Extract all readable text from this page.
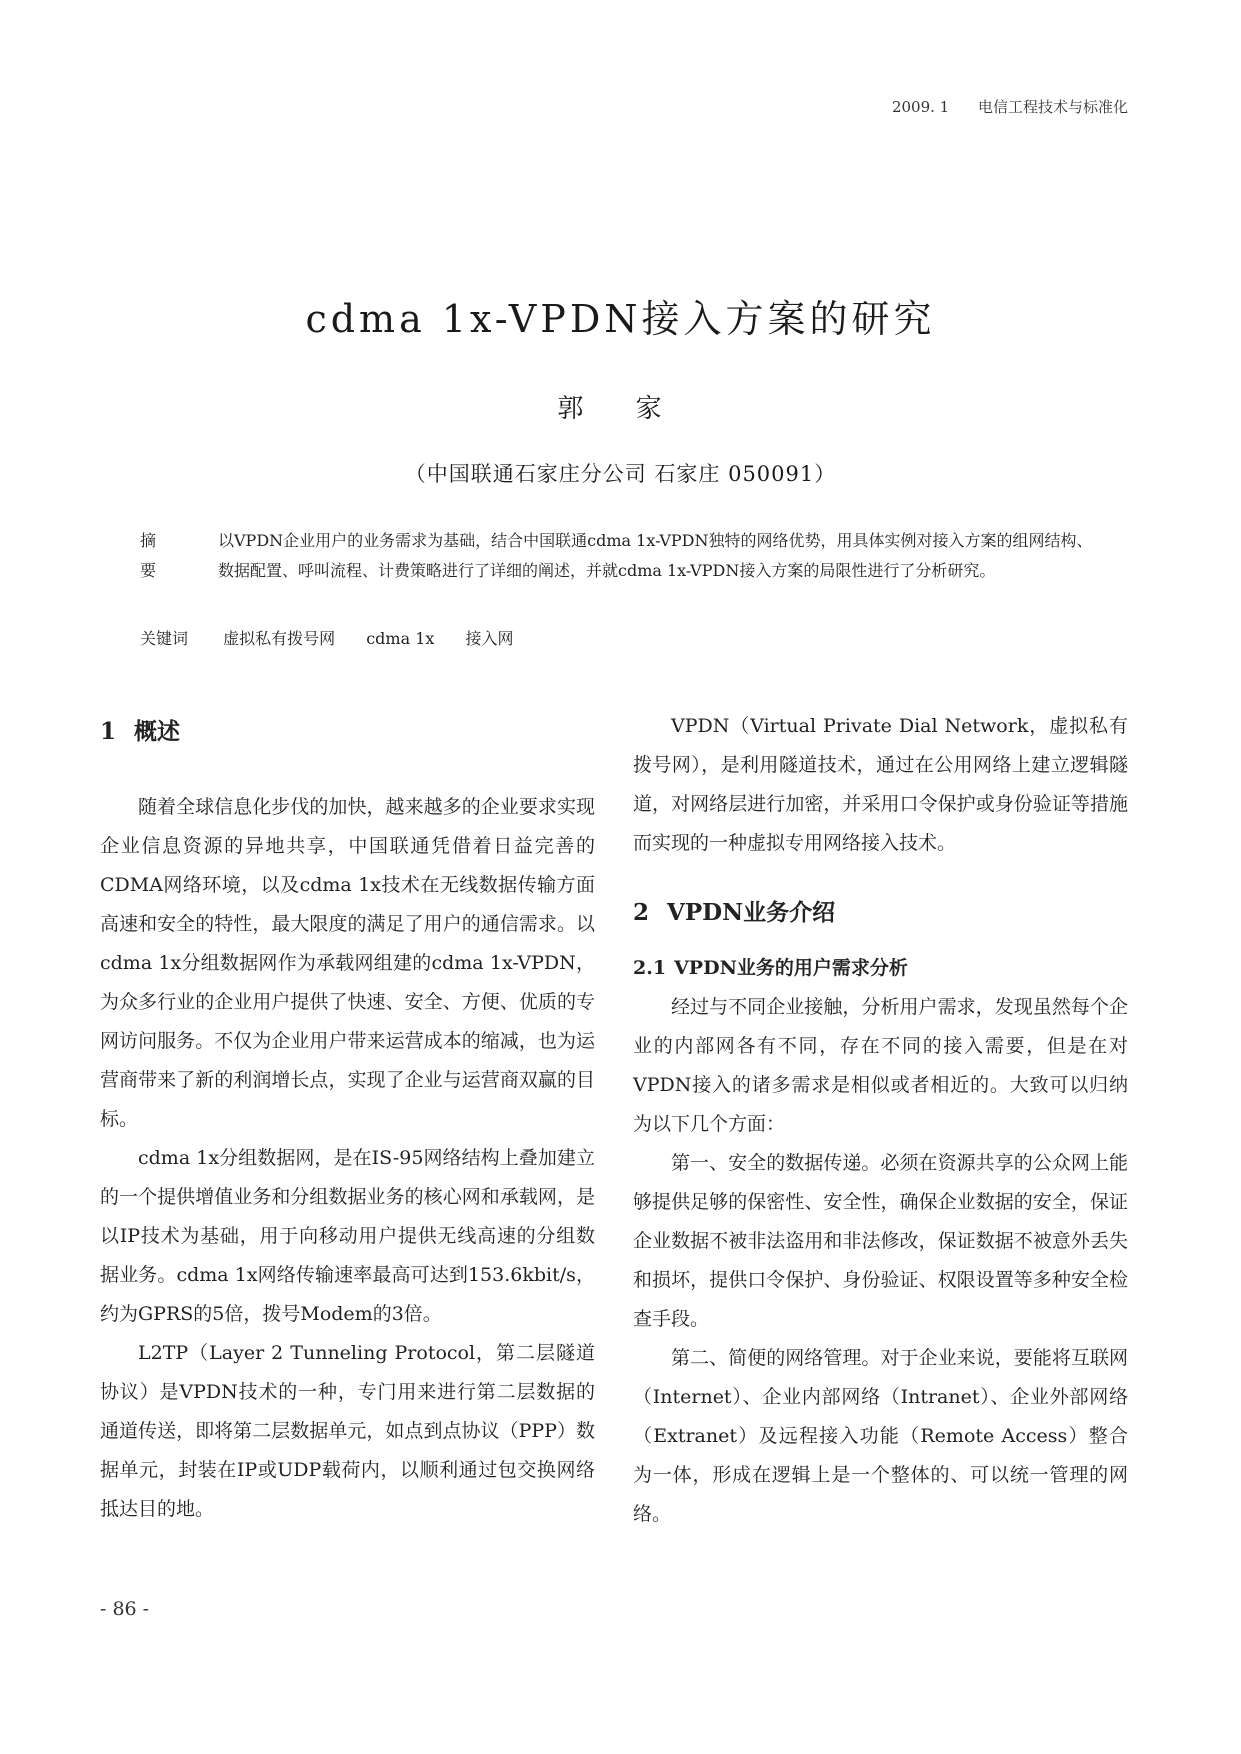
2009. 1 电信工程技术与标准化
cdma 1x-VPDN接入方案的研究
郭 家
（中国联通石家庄分公司 石家庄 050091）
摘 要
以VPDN企业用户的业务需求为基础，结合中国联通cdma 1x-VPDN独特的网络优势，用具体实例对接入方案的组网结构、数据配置、呼叫流程、计费策略进行了详细的阐述，并就cdma 1x-VPDN接入方案的局限性进行了分析研究。
关键词 虚拟私有拨号网 cdma 1x 接入网
1 概述

随着全球信息化步伐的加快，越来越多的企业要求实现企业信息资源的异地共享，中国联通凭借着日益完善的CDMA网络环境，以及cdma 1x技术在无线数据传输方面高速和安全的特性，最大限度的满足了用户的通信需求。以cdma 1x分组数据网作为承载网组建的cdma 1x-VPDN，为众多行业的企业用户提供了快速、安全、方便、优质的专网访问服务。不仅为企业用户带来运营成本的缩减，也为运营商带来了新的利润增长点，实现了企业与运营商双赢的目标。

cdma 1x分组数据网，是在IS-95网络结构上叠加建立的一个提供增值业务和分组数据业务的核心网和承载网，是以IP技术为基础，用于向移动用户提供无线高速的分组数据业务。cdma 1x网络传输速率最高可达到153.6kbit/s，约为GPRS的5倍，拨号Modem的3倍。

L2TP（Layer 2 Tunneling Protocol，第二层隧道协议）是VPDN技术的一种，专门用来进行第二层数据的通道传送，即将第二层数据单元，如点到点协议（PPP）数据单元，封装在IP或UDP载荷内，以顺利通过包交换网络抵达目的地。

VPDN（Virtual Private Dial Network，虚拟私有拨号网），是利用隧道技术，通过在公用网络上建立逻辑隧道，对网络层进行加密，并采用口令保护或身份验证等措施而实现的一种虚拟专用网络接入技术。

2 VPDN业务介绍
2.1 VPDN业务的用户需求分析

经过与不同企业接触，分析用户需求，发现虽然每个企业的内部网各有不同，存在不同的接入需要，但是在对VPDN接入的诸多需求是相似或者相近的。大致可以归纳为以下几个方面：

第一、安全的数据传递。必须在资源共享的公众网上能够提供足够的保密性、安全性，确保企业数据的安全，保证企业数据不被非法盗用和非法修改，保证数据不被意外丢失和损坏，提供口令保护、身份验证、权限设置等多种安全检查手段。

第二、简便的网络管理。对于企业来说，要能将互联网（Internet）、企业内部网络（Intranet）、企业外部网络（Extranet）及远程接入功能（Remote Access）整合为一体，形成在逻辑上是一个整体的、可以统一管理的网络。

- 86 -
